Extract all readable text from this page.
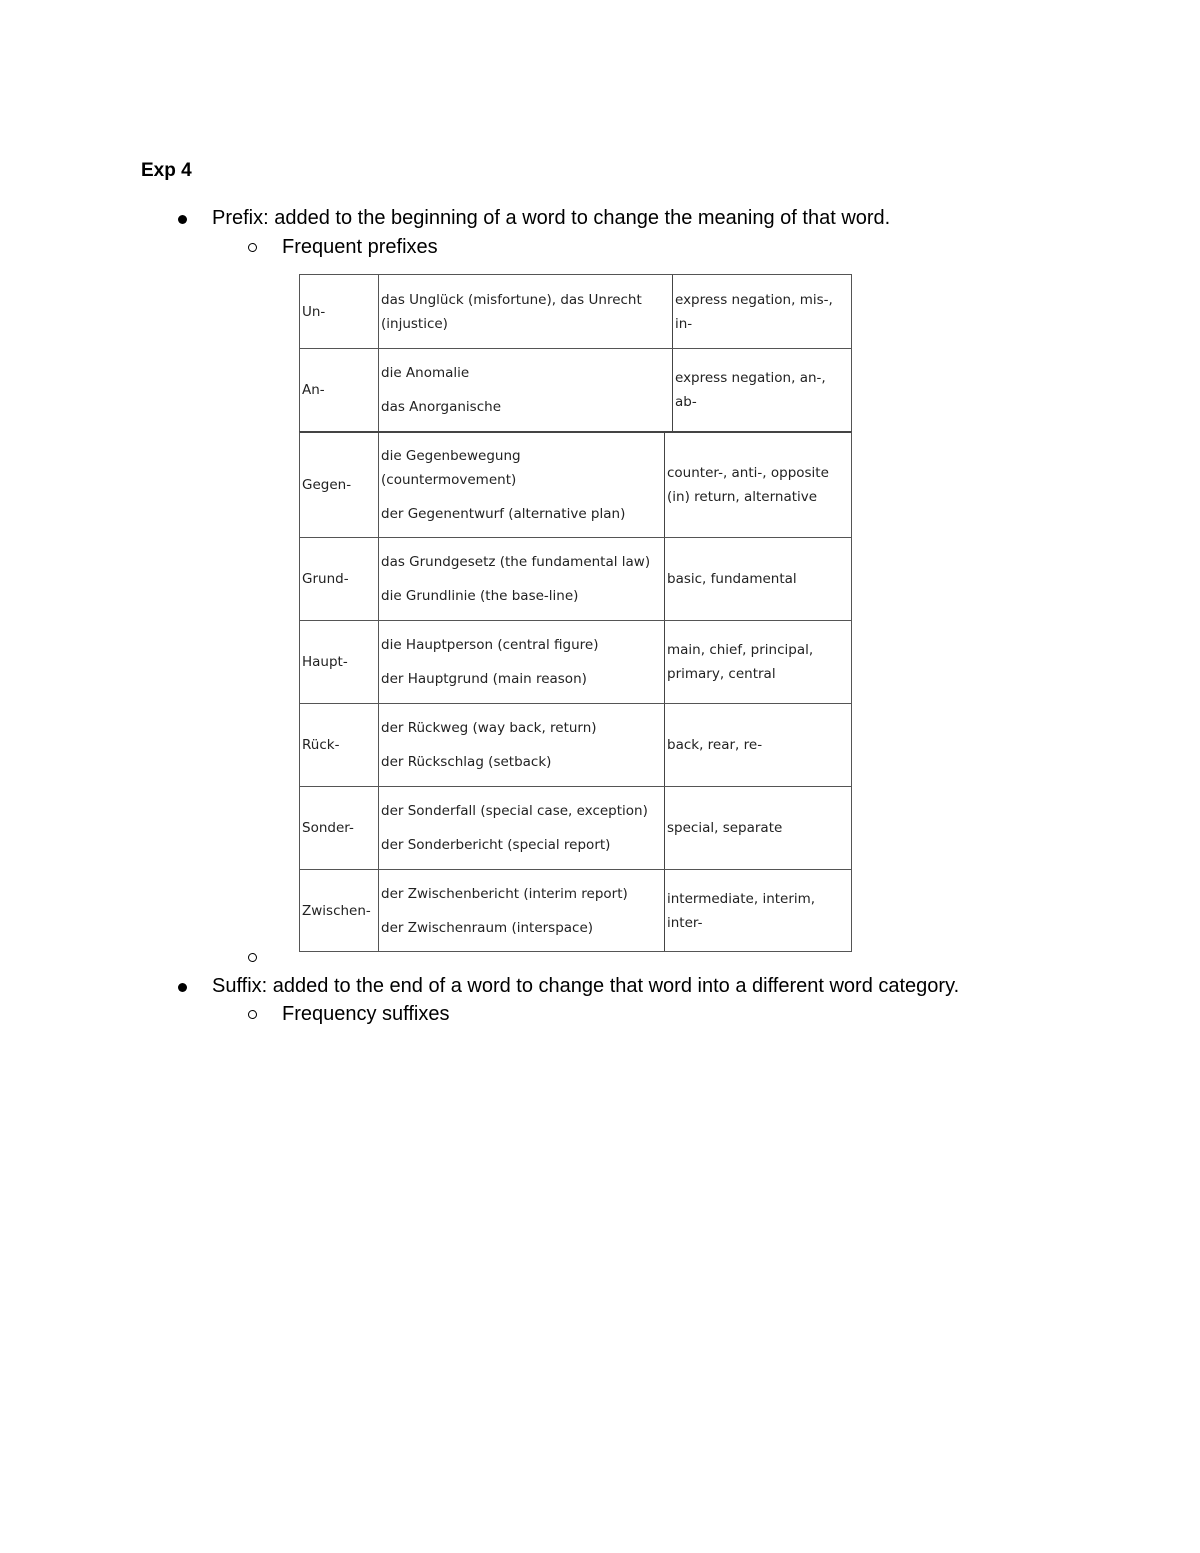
Exp 4
Prefix: added to the beginning of a word to change the meaning of that word.
Frequent prefixes
Un-
das Unglück (misfortune), das Unrecht
(injustice)
express negation, mis-,
in-
An-
die Anomalie
das Anorganische
express negation, an-,
ab-
Gegen-
die Gegenbewegung
(countermovement)
der Gegenentwurf (alternative plan)
counter-, anti-, opposite
(in) return, alternative
Grund-
das Grundgesetz (the fundamental law)
die Grundlinie (the base-line)
basic, fundamental
Haupt-
die Hauptperson (central figure)
der Hauptgrund (main reason)
main, chief, principal,
primary, central
Rück-
der Rückweg (way back, return)
der Rückschlag (setback)
back, rear, re-
Sonder-
der Sonderfall (special case, exception)
der Sonderbericht (special report)
special, separate
Zwischen-
der Zwischenbericht (interim report)
der Zwischenraum (interspace)
intermediate, interim,
inter-
Suffix: added to the end of a word to change that word into a different word category.
Frequency suffixes
